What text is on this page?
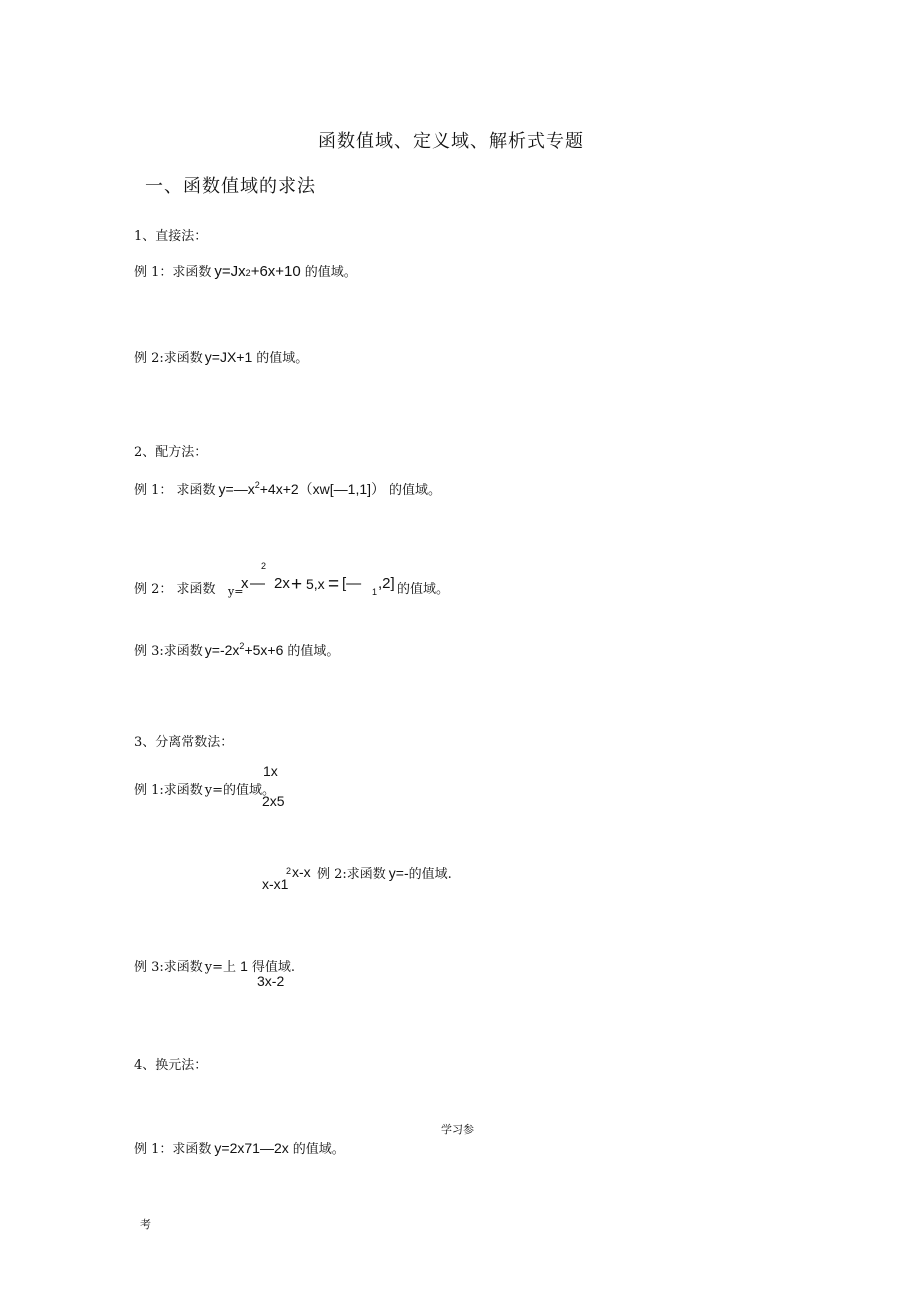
函数值域、定义域、解析式专题
一、函数值域的求法
1、直接法：
例 1：求函数 y=Jx2+6x+10 的值域。
例 2:求函数 y=JX+1 的值域。
2、配方法：
例 1： 求函数 $y=—x^2+4x+2(xw[—1,1])$ 的值域。
例 2： 求函数 y=
x
2
— 2x + 5,x = [— 1 ,2] 的值域。
例 3:求函数 $y=-2x^2+5x+6$ 的值域。
3、分离常数法：
1x
例 1:求函数 y=的值域。
2x5
2 x-x
x-x1
例 2:求函数 y=-的值域.
例 3:求函数 y=上 1 得值域.
3x-2
4、换元法：
学习参
例 1：求函数 y=2x71—2x 的值域。
考
